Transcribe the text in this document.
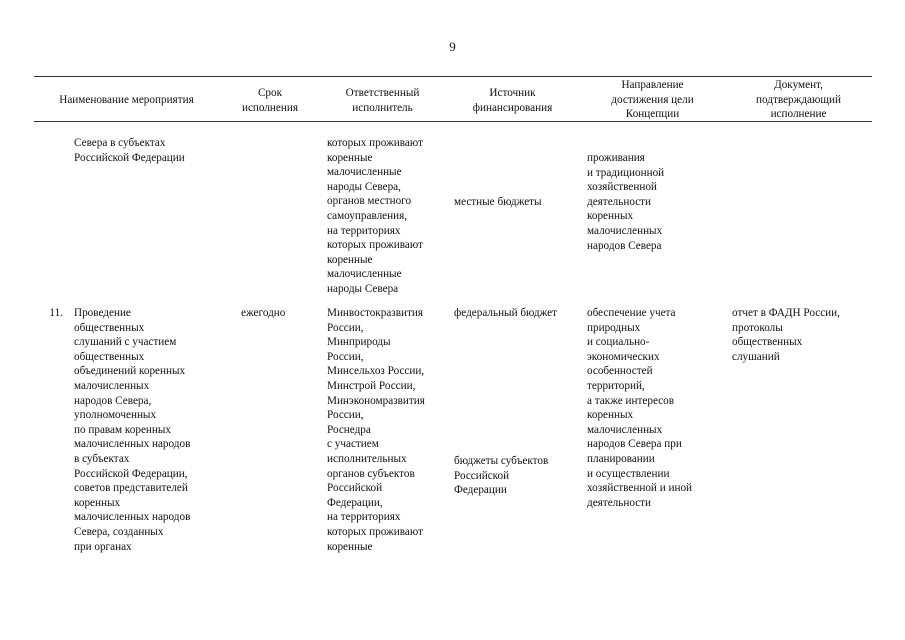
9
Наименование мероприятия
Срок
исполнения
Ответственный
исполнитель
Источник
финансирования
Направление
достижения цели
Концепции
Документ,
подтверждающий
исполнение
Севера в субъектах
Российской Федерации
которых проживают
коренные
малочисленные
народы Севера,
органов местного
самоуправления,
на территориях
которых проживают
коренные
малочисленные
народы Севера
местные бюджеты
проживания
и традиционной
хозяйственной
деятельности
коренных
малочисленных
народов Севера
11. Проведение
общественных
слушаний с участием
общественных
объединений коренных
малочисленных
народов Севера,
уполномоченных
по правам коренных
малочисленных народов
в субъектах
Российской Федерации,
советов представителей
коренных
малочисленных народов
Севера, созданных
при органах
ежегодно	Минвостокразвития
России,
Минприроды
России,
Минсельхоз России,
Минстрой России,
Минэкономразвития
России,
Роснедра
с участием
исполнительных
органов субъектов
Российской
Федерации,
на территориях
которых проживают
коренные
федеральный бюджет
бюджеты субъектов
Российской
Федерации
обеспечение учета
природных
и социально-
экономических
особенностей
территорий,
а также интересов
коренных
малочисленных
народов Севера при
планировании
и осуществлении
хозяйственной и иной
деятельности
отчет в ФАДН России,
протоколы
общественных
слушаний
